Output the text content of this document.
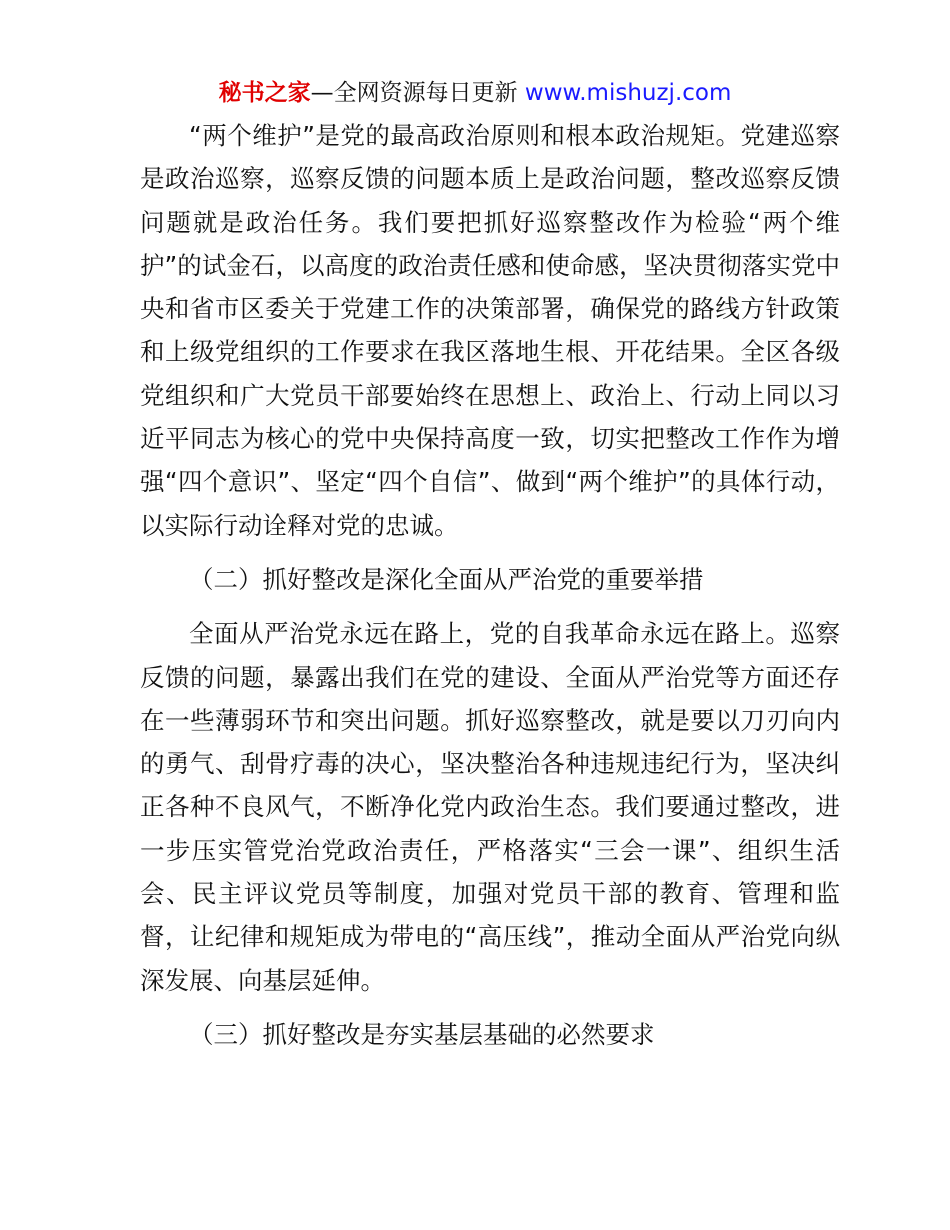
秘书之家—全网资源每日更新 www.mishuzj.com

“两个维护”是党的最高政治原则和根本政治规矩。党建巡察是政治巡察，巡察反馈的问题本质上是政治问题，整改巡察反馈问题就是政治任务。我们要把抓好巡察整改作为检验“两个维护”的试金石，以高度的政治责任感和使命感，坚决贯彻落实党中央和省市区委关于党建工作的决策部署，确保党的路线方针政策和上级党组织的工作要求在我区落地生根、开花结果。全区各级党组织和广大党员干部要始终在思想上、政治上、行动上同以习近平同志为核心的党中央保持高度一致，切实把整改工作作为增强“四个意识”、坚定“四个自信”、做到“两个维护”的具体行动，以实际行动诠释对党的忠诚。

（二）抓好整改是深化全面从严治党的重要举措

全面从严治党永远在路上，党的自我革命永远在路上。巡察反馈的问题，暴露出我们在党的建设、全面从严治党等方面还存在一些薄弱环节和突出问题。抓好巡察整改，就是要以刀刃向内的勇气、刮骨疗毒的决心，坚决整治各种违规违纪行为，坚决纠正各种不良风气，不断净化党内政治生态。我们要通过整改，进一步压实管党治党政治责任，严格落实“三会一课”、组织生活会、民主评议党员等制度，加强对党员干部的教育、管理和监督，让纪律和规矩成为带电的“高压线”，推动全面从严治党向纵深发展、向基层延伸。

（三）抓好整改是夯实基层基础的必然要求
